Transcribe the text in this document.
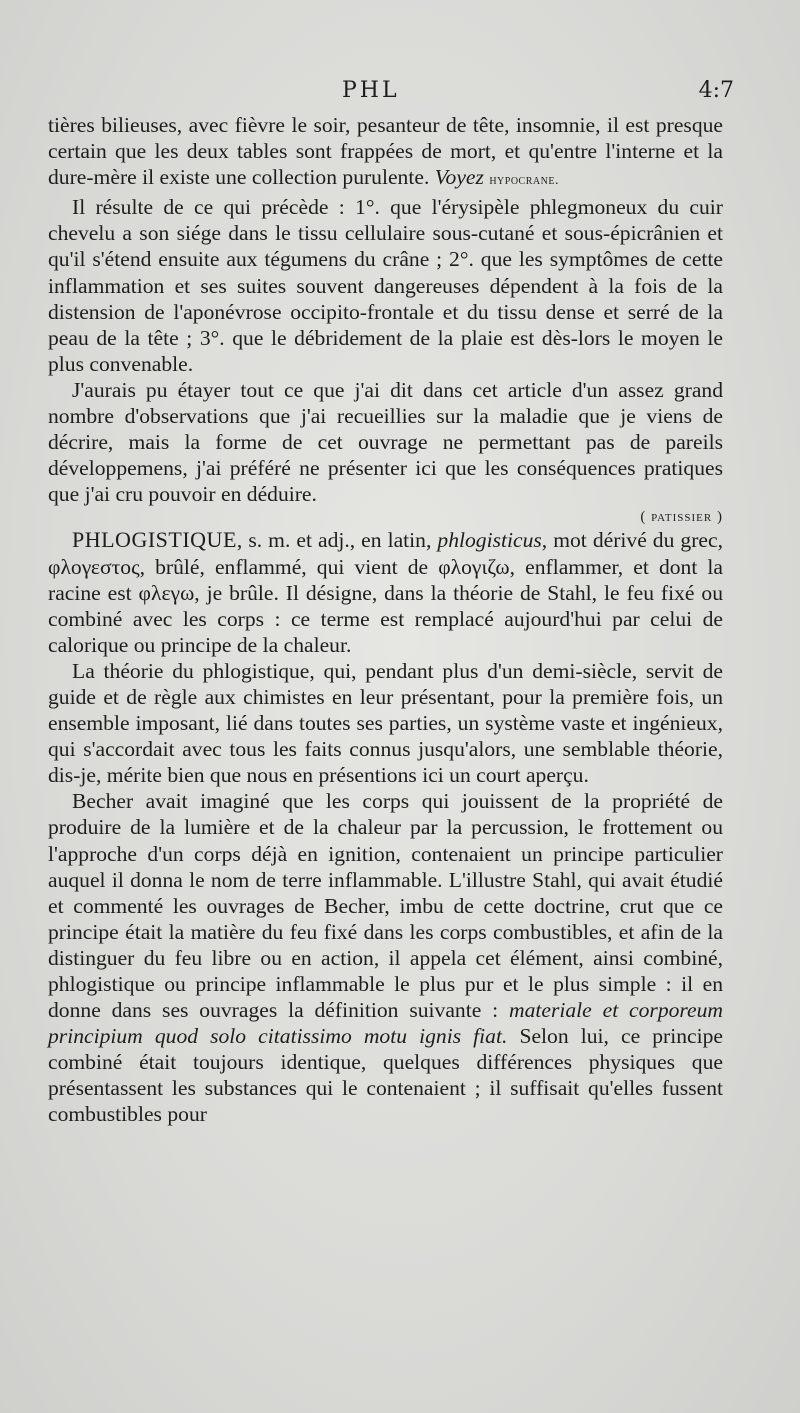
PHL	4:7

tières bilieuses, avec fièvre le soir, pesanteur de tête, insomnie, il est presque certain que les deux tables sont frappées de mort, et qu'entre l'interne et la dure-mère il existe une collection purulente. Voyez hypocrane.

Il résulte de ce qui précède : 1°. que l'érysipèle phlegmoneux du cuir chevelu a son siége dans le tissu cellulaire sous-cutané et sous-épicrânien et qu'il s'étend ensuite aux tégumens du crâne ; 2°. que les symptômes de cette inflammation et ses suites souvent dangereuses dépendent à la fois de la distension de l'aponévrose occipito-frontale et du tissu dense et serré de la peau de la tête ; 3°. que le débridement de la plaie est dès-lors le moyen le plus convenable.

J'aurais pu étayer tout ce que j'ai dit dans cet article d'un assez grand nombre d'observations que j'ai recueillies sur la maladie que je viens de décrire, mais la forme de cet ouvrage ne permettant pas de pareils développemens, j'ai préféré ne présenter ici que les conséquences pratiques que j'ai cru pouvoir en déduire.

( patissier )

PHLOGISTIQUE, s. m. et adj., en latin, phlogisticus, mot dérivé du grec, φλογεστος, brûlé, enflammé, qui vient de φλογιζω, enflammer, et dont la racine est φλεγω, je brûle. Il désigne, dans la théorie de Stahl, le feu fixé ou combiné avec les corps : ce terme est remplacé aujourd'hui par celui de calorique ou principe de la chaleur.

La théorie du phlogistique, qui, pendant plus d'un demi-siècle, servit de guide et de règle aux chimistes en leur présentant, pour la première fois, un ensemble imposant, lié dans toutes ses parties, un système vaste et ingénieux, qui s'accordait avec tous les faits connus jusqu'alors, une semblable théorie, dis-je, mérite bien que nous en présentions ici un court aperçu.

Becher avait imaginé que les corps qui jouissent de la propriété de produire de la lumière et de la chaleur par la percussion, le frottement ou l'approche d'un corps déjà en ignition, contenaient un principe particulier auquel il donna le nom de terre inflammable. L'illustre Stahl, qui avait étudié et commenté les ouvrages de Becher, imbu de cette doctrine, crut que ce principe était la matière du feu fixé dans les corps combustibles, et afin de la distinguer du feu libre ou en action, il appela cet élément, ainsi combiné, phlogistique ou principe inflammable le plus pur et le plus simple : il en donne dans ses ouvrages la définition suivante : materiale et corporeum principium quod solo citatissimo motu ignis fiat. Selon lui, ce principe combiné était toujours identique, quelques différences physiques que présentassent les substances qui le contenaient ; il suffisait qu'elles fussent combustibles pour
